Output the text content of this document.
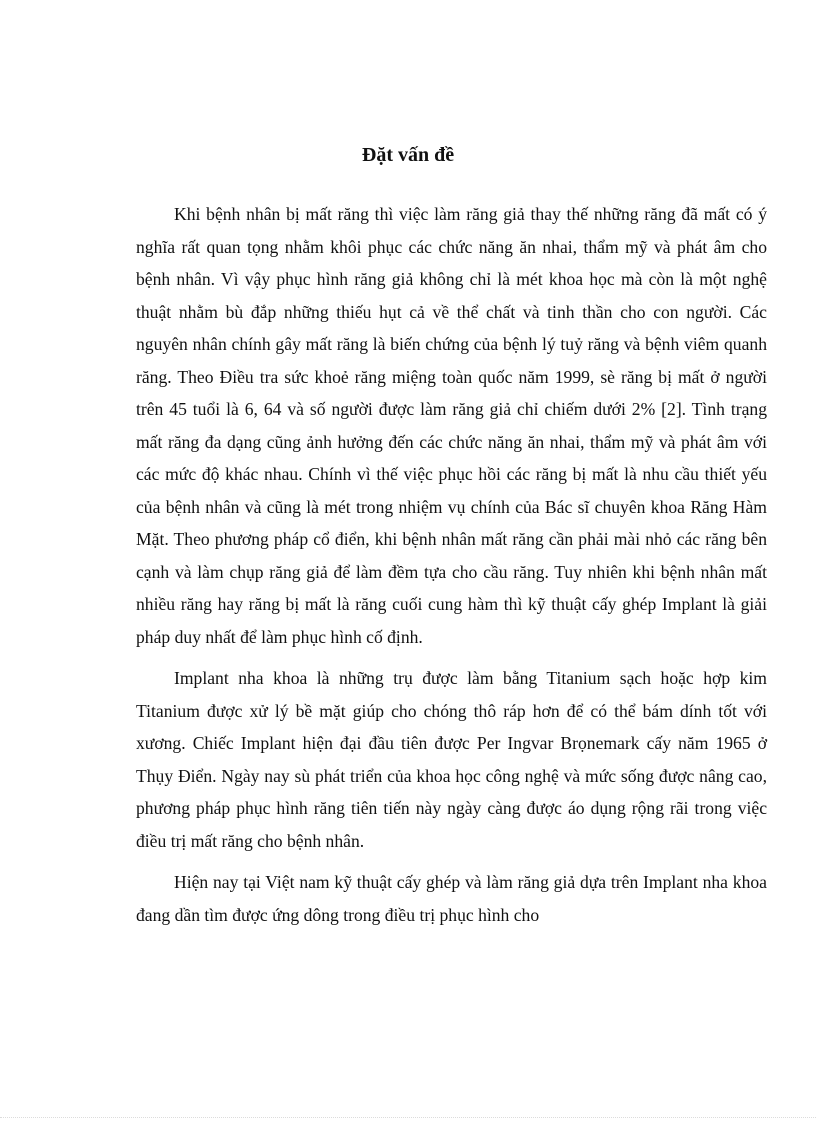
Đặt vấn đề

Khi bệnh nhân bị mất răng thì việc làm răng giả thay thế những răng đã mất có ý nghĩa rất quan tọng nhằm khôi phục các chức năng ăn nhai, thẩm mỹ và phát âm cho bệnh nhân. Vì vậy phục hình răng giả không chỉ là mét khoa học mà còn là một nghệ thuật nhằm bù đắp những thiếu hụt cả về thể chất và tinh thần cho con người. Các nguyên nhân chính gây mất răng là biến chứng của bệnh lý tuỷ răng và bệnh viêm quanh răng. Theo Điều tra sức khoẻ răng miệng toàn quốc năm 1999, sè răng bị mất ở người trên 45 tuổi là 6, 64 và số người được làm răng giả chỉ chiếm dưới 2% [2]. Tình trạng mất răng đa dạng cũng ảnh hưởng đến các chức năng ăn nhai, thẩm mỹ và phát âm với các mức độ khác nhau. Chính vì thế việc phục hồi các răng bị mất là nhu cầu thiết yếu của bệnh nhân và cũng là mét trong nhiệm vụ chính của Bác sĩ chuyên khoa Răng Hàm Mặt. Theo phương pháp cổ điển, khi bệnh nhân mất răng cần phải mài nhỏ các răng bên cạnh và làm chụp răng giả để làm đềm tựa cho cầu răng. Tuy nhiên khi bệnh nhân mất nhiều răng hay răng bị mất là răng cuối cung hàm thì kỹ thuật cấy ghép Implant là giải pháp duy nhất để làm phục hình cố định.

Implant nha khoa là những trụ được làm bằng Titanium sạch hoặc hợp kim Titanium được xử lý bề mặt giúp cho chóng thô ráp hơn để có thể bám dính tốt với xương. Chiếc Implant hiện đại đầu tiên được Per Ingvar Brọnemark cấy năm 1965 ở Thụy Điển. Ngày nay sù phát triển của khoa học công nghệ và mức sống được nâng cao, phương pháp phục hình răng tiên tiến này ngày càng được áo dụng rộng rãi trong việc điều trị mất răng cho bệnh nhân.

Hiện nay tại Việt nam kỹ thuật cấy ghép và làm răng giả dựa trên Implant nha khoa đang dần tìm được ứng dông trong điều trị phục hình cho
